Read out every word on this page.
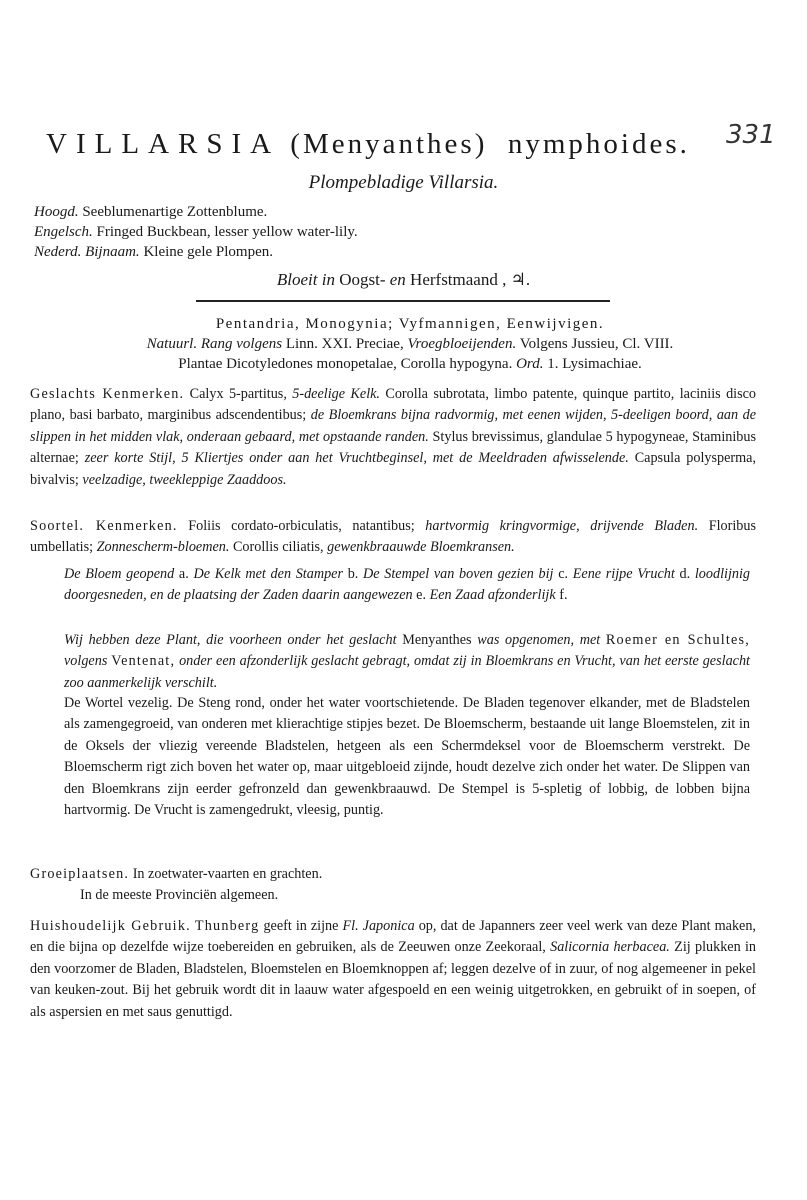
VILLARSIA (Menyanthes) nymphoides.	331
Plompebladige Villarsia.
Hoogd. Seeblumenartige Zottenblume.
Engelsch. Fringed Buckbean, lesser yellow water-lily.
Nederd. Bijnaam. Kleine gele Plompen.
Bloeit in Oogst- en Herfstmaand , ♃.
Pentandria, Monogynia; Vyfmannigen, Eenwijvigen.
Natuurl. Rang volgens Linn. XXI. Preciae, Vroegbloeijenden. Volgens Jussieu, Cl. VIII.
Plantae Dicotyledones monopetalae, Corolla hypogyna. Ord. 1. Lysimachiae.
Geslachts Kenmerken. Calyx 5-partitus, 5-deelige Kelk. Corolla subrotata, limbo patente, quinque partito, laciniis disco plano, basi barbato, marginibus adscendentibus; de Bloemkrans bijna radvormig, met eenen wijden, 5-deeligen boord, aan de slippen in het midden vlak, onderaan gebaard, met opstaande randen. Stylus brevissimus, glandulae 5 hypogyneae, Staminibus alternae; zeer korte Stijl, 5 Kliertjes onder aan het Vruchtbeginsel, met de Meeldraden afwisselende. Capsula polysperma, bivalvis; veelzadige, tweekleppige Zaaddoos.
Soortel. Kenmerken. Foliis cordato-orbiculatis, natantibus; hartvormig kringvormige, drijvende Bladen. Floribus umbellatis; Zonnescherm-bloemen. Corollis ciliatis, gewenkbraauwde Bloemkransen.
De Bloem geopend a. De Kelk met den Stamper b. De Stempel van boven gezien bij c. Eene rijpe Vrucht d. loodlijnig doorgesneden, en de plaatsing der Zaden daarin aangewezen e. Een Zaad afzonderlijk f.
Wij hebben deze Plant, die voorheen onder het geslacht Menyanthes was opgenomen, met Roemer en Schultes, volgens Ventenat, onder een afzonderlijk geslacht gebragt, omdat zij in Bloemkrans en Vrucht, van het eerste geslacht zoo aanmerkelijk verschilt.
De Wortel vezelig. De Steng rond, onder het water voortschietende. De Bladen tegenover elkander, met de Bladstelen als zamengegroeid, van onderen met klierachtige stipjes bezet. De Bloemscherm, bestaande uit lange Bloemstelen, zit in de Oksels der vliezig vereende Bladstelen, hetgeen als een Schermdeksel voor de Bloemscherm verstrekt. De Bloemscherm rigt zich boven het water op, maar uitgebloeid zijnde, houdt dezelve zich onder het water. De Slippen van den Bloemkrans zijn eerder gefronzeld dan gewenkbraauwd. De Stempel is 5-spletig of lobbig, de lobben bijna hartvormig. De Vrucht is zamengedrukt, vleesig, puntig.
Groeiplaatsen. In zoetwater-vaarten en grachten.
In de meeste Provinciën algemeen.
Huishoudelijk Gebruik. Thunberg geeft in zijne Fl. Japonica op, dat de Japanners zeer veel werk van deze Plant maken, en die bijna op dezelfde wijze toebereiden en gebruiken, als de Zeeuwen onze Zeekoraal, Salicornia herbacea. Zij plukken in den voorzomer de Bladen, Bladstelen, Bloemstelen en Bloemknoppen af; leggen dezelve of in zuur, of nog algemeener in pekel van keuken-zout. Bij het gebruik wordt dit in laauw water afgespoeld en een weinig uitgetrokken, en gebruikt of in soepen, of als aspersien en met saus genuttigd.
